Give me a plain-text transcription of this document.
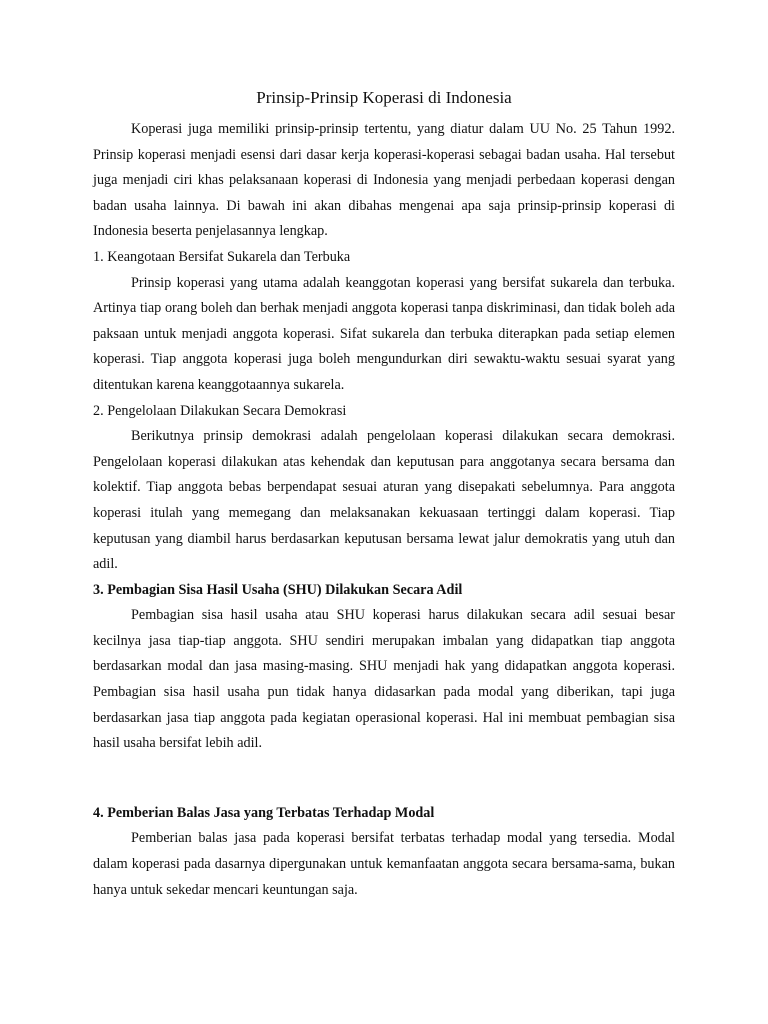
Prinsip-Prinsip Koperasi di Indonesia

Koperasi juga memiliki prinsip-prinsip tertentu, yang diatur dalam UU No. 25 Tahun 1992. Prinsip koperasi menjadi esensi dari dasar kerja koperasi-koperasi sebagai badan usaha. Hal tersebut juga menjadi ciri khas pelaksanaan koperasi di Indonesia yang menjadi perbedaan koperasi dengan badan usaha lainnya. Di bawah ini akan dibahas mengenai apa saja prinsip-prinsip koperasi di Indonesia beserta penjelasannya lengkap.

1. Keangotaan Bersifat Sukarela dan Terbuka

Prinsip koperasi yang utama adalah keanggotan koperasi yang bersifat sukarela dan terbuka. Artinya tiap orang boleh dan berhak menjadi anggota koperasi tanpa diskriminasi, dan tidak boleh ada paksaan untuk menjadi anggota koperasi. Sifat sukarela dan terbuka diterapkan pada setiap elemen koperasi. Tiap anggota koperasi juga boleh mengundurkan diri sewaktu-waktu sesuai syarat yang ditentukan karena keanggotaannya sukarela.

2. Pengelolaan Dilakukan Secara Demokrasi

Berikutnya prinsip demokrasi adalah pengelolaan koperasi dilakukan secara demokrasi. Pengelolaan koperasi dilakukan atas kehendak dan keputusan para anggotanya secara bersama dan kolektif. Tiap anggota bebas berpendapat sesuai aturan yang disepakati sebelumnya. Para anggota koperasi itulah yang memegang dan melaksanakan kekuasaan tertinggi dalam koperasi. Tiap keputusan yang diambil harus berdasarkan keputusan bersama lewat jalur demokratis yang utuh dan adil.

3. Pembagian Sisa Hasil Usaha (SHU) Dilakukan Secara Adil

Pembagian sisa hasil usaha atau SHU koperasi harus dilakukan secara adil sesuai besar kecilnya jasa tiap-tiap anggota. SHU sendiri merupakan imbalan yang didapatkan tiap anggota berdasarkan modal dan jasa masing-masing. SHU menjadi hak yang didapatkan anggota koperasi. Pembagian sisa hasil usaha pun tidak hanya didasarkan pada modal yang diberikan, tapi juga berdasarkan jasa tiap anggota pada kegiatan operasional koperasi. Hal ini membuat pembagian sisa hasil usaha bersifat lebih adil.

4. Pemberian Balas Jasa yang Terbatas Terhadap Modal

Pemberian balas jasa pada koperasi bersifat terbatas terhadap modal yang tersedia. Modal dalam koperasi pada dasarnya dipergunakan untuk kemanfaatan anggota secara bersama-sama, bukan hanya untuk sekedar mencari keuntungan saja.
